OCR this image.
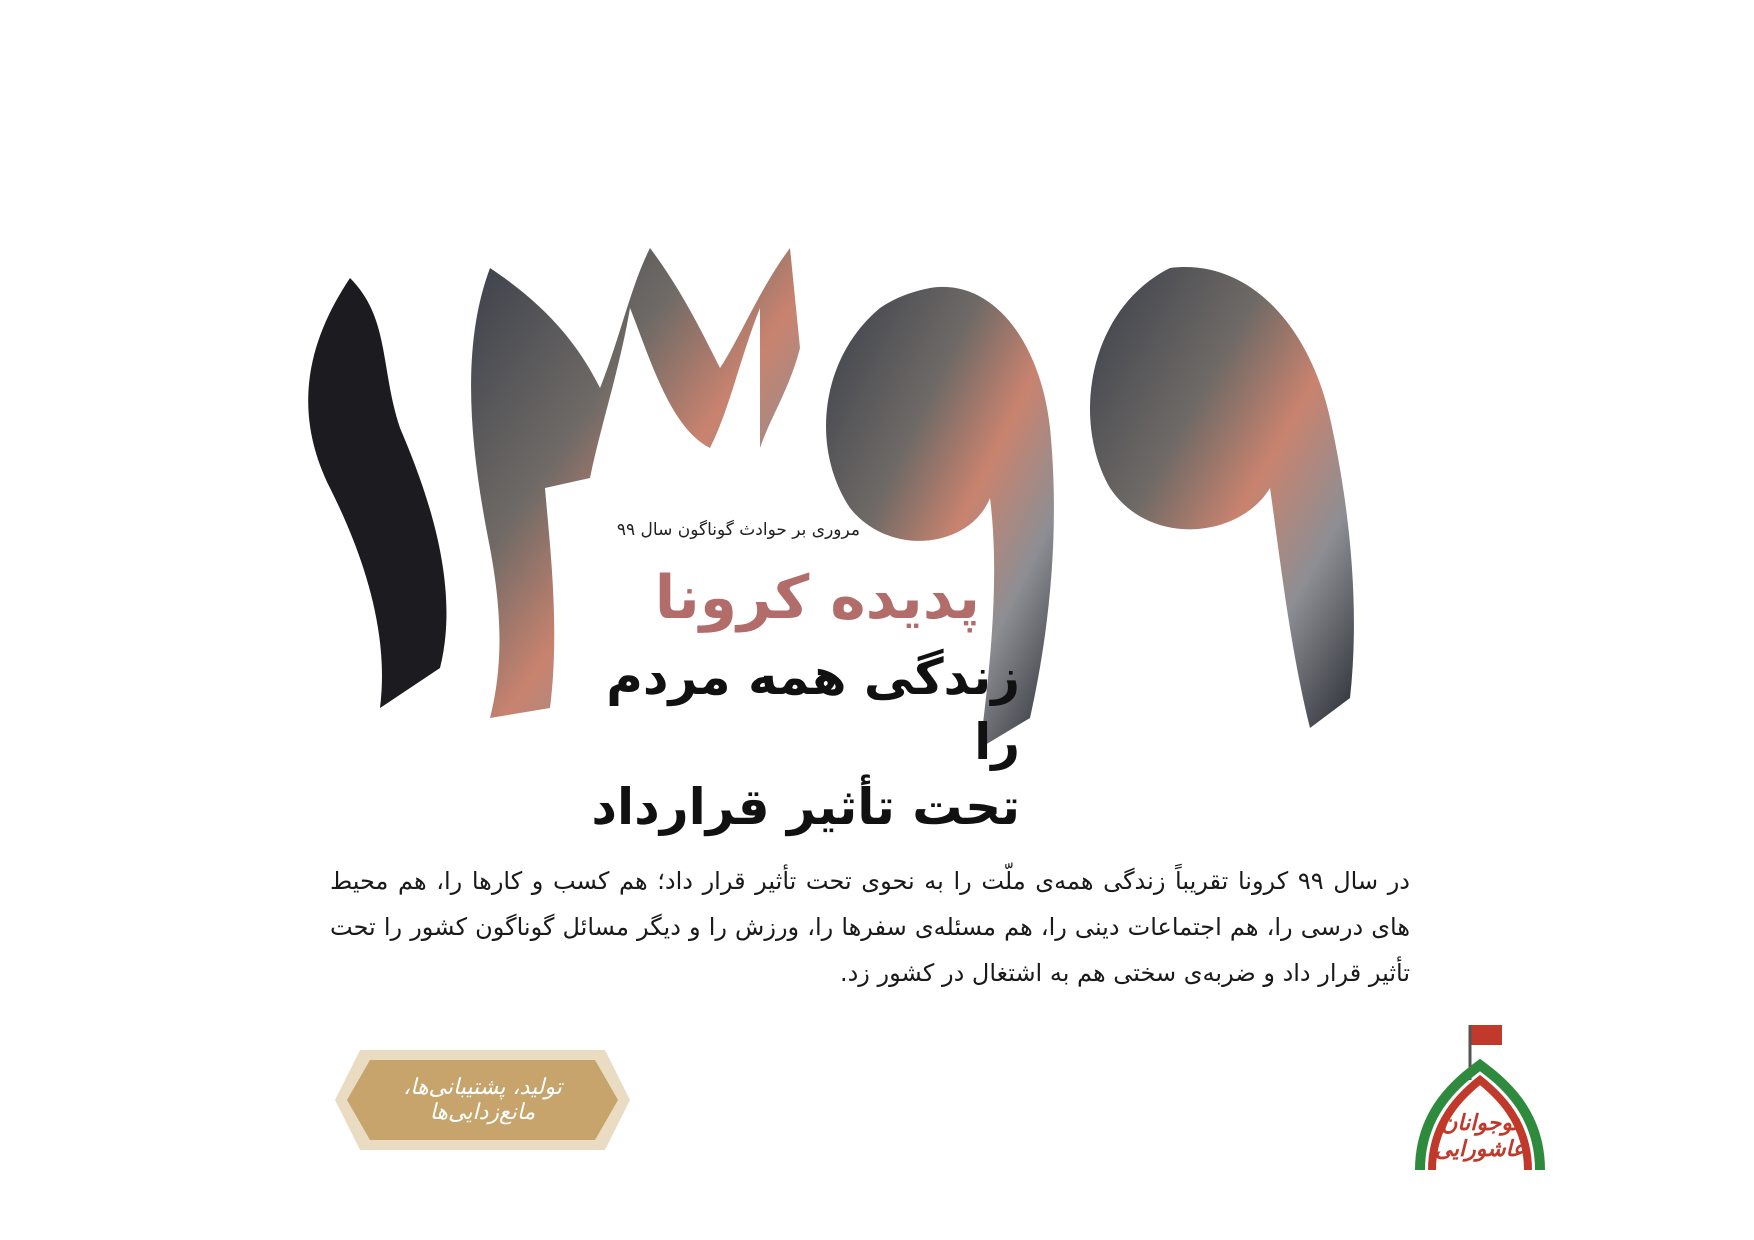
مروری بر حوادث گوناگون سال ۹۹
پدیده کرونا
زندگی همه مردم را
تحت تأثیر قرارداد
در سال ۹۹ کرونا تقریباً زندگی همه‌ی ملّت را به نحوی تحت تأثیر قرار داد؛ هم کسب و کارها را، هم محیط های درسی را، هم اجتماعات دینی را، هم مسئله‌ی سفرها را، ورزش را و دیگر مسائل گوناگون کشور را تحت تأثیر قرار داد و ضربه‌ی سختی هم به اشتغال در کشور زد.
تولید، پشتیبانی‌ها، مانع‌زدایی‌ها	نوجوانان عاشورایی
